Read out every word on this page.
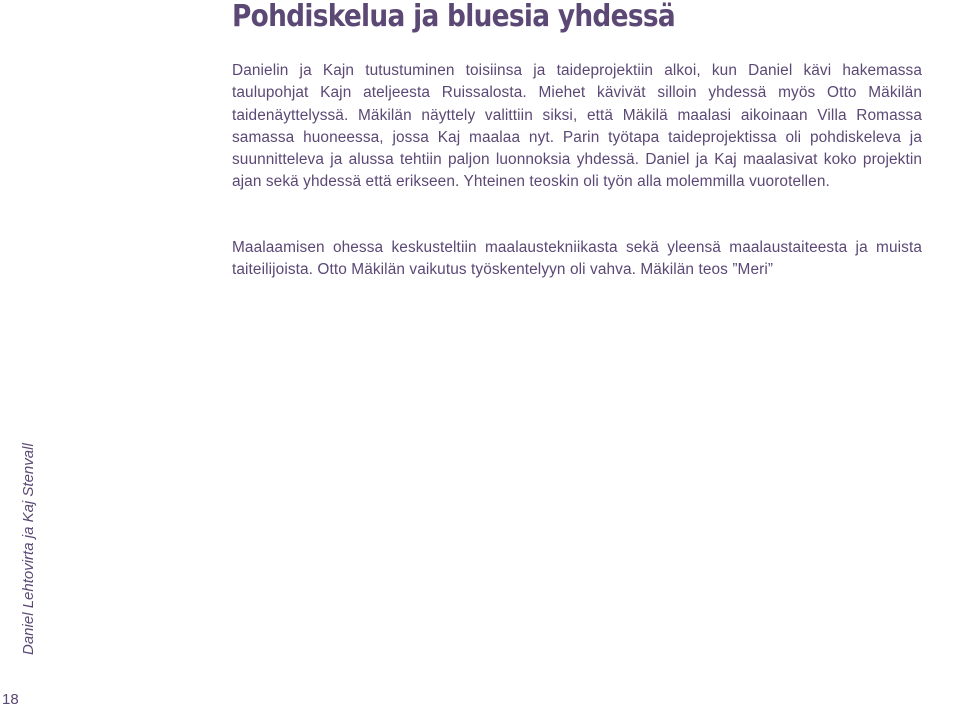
Pohdiskelua ja bluesia yhdessä

Danielin ja Kajn tutustuminen toisiinsa ja taideprojektiin alkoi, kun Daniel kävi hakemassa taulupohjat Kajn ateljeesta Ruissalosta. Miehet kävivät silloin yhdessä myös Otto Mäkilän taidenäyttelyssä. Mäkilän näyttely valittiin siksi, että Mäkilä maalasi aikoinaan Villa Romassa samassa huoneessa, jossa Kaj maalaa nyt. Parin työtapa taideprojektissa oli pohdiskeleva ja suunnitteleva ja alussa tehtiin paljon luonnoksia yhdessä. Daniel ja Kaj maalasivat koko projektin ajan sekä yhdessä että erikseen. Yhteinen teoskin oli työn alla molemmilla vuorotellen.

Maalaamisen ohessa keskusteltiin maalaustekniikasta sekä yleensä maalaustaiteesta ja muista taiteilijoista. Otto Mäkilän vaikutus työskentelyyn oli vahva. Mäkilän teos ”Meri”

Daniel Lehtovirta ja Kaj Stenvall
18
